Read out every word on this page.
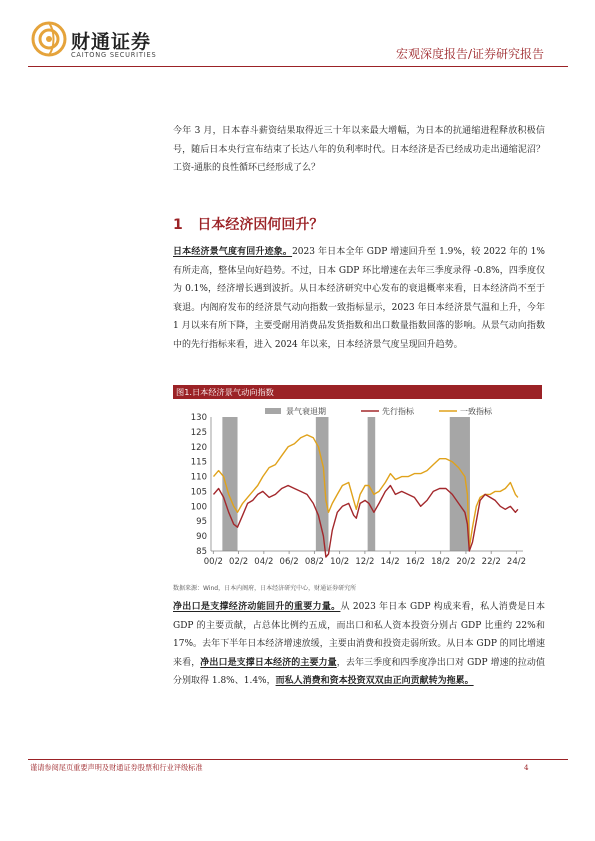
财通证券
CAITONG SECURITIES	宏观深度报告/证券研究报告

今年 3 月，日本春斗薪资结果取得近三十年以来最大增幅，为日本的抗通缩进程释放积极信号，随后日本央行宣布结束了长达八年的负利率时代。日本经济是否已经成功走出通缩泥沼？工资-通胀的良性循环已经形成了么？

1   日本经济因何回升？

日本经济景气度有回升迹象。2023 年日本全年 GDP 增速回升至 1.9%，较 2022 年的 1%有所走高，整体呈向好趋势。不过，日本 GDP 环比增速在去年三季度录得 -0.8%，四季度仅为 0.1%，经济增长遇到波折。从日本经济研究中心发布的衰退概率来看，日本经济尚不至于衰退。内阁府发布的经济景气动向指数一致指标显示，2023 年日本经济景气温和上升，今年 1 月以来有所下降，主要受耐用消费品发货指数和出口数量指数回落的影响。从景气动向指数中的先行指标来看，进入 2024 年以来，日本经济景气度呈现回升趋势。

图1.日本经济景气动向指数
85
90
95
100
105
110
115
120
125
130
00/2 02/2 04/2 06/2 08/2 10/2 12/2 14/2 16/2 18/2 20/2 22/2 24/2
景气衰退期	先行指标	一致指标
数据来源：Wind，日本内阁府，日本经济研究中心，财通证券研究所

净出口是支撑经济动能回升的重要力量。从 2023 年日本 GDP 构成来看，私人消费是日本 GDP 的主要贡献，占总体比例约五成，而出口和私人资本投资分别占 GDP 比重约 22%和 17%。去年下半年日本经济增速放缓，主要由消费和投资走弱所致。从日本 GDP 的同比增速来看，净出口是支撑日本经济的主要力量，去年三季度和四季度净出口对 GDP 增速的拉动值分别取得 1.8%、1.4%，而私人消费和资本投资双双由正向贡献转为拖累。

谨请参阅尾页重要声明及财通证券股票和行业评级标准	4
